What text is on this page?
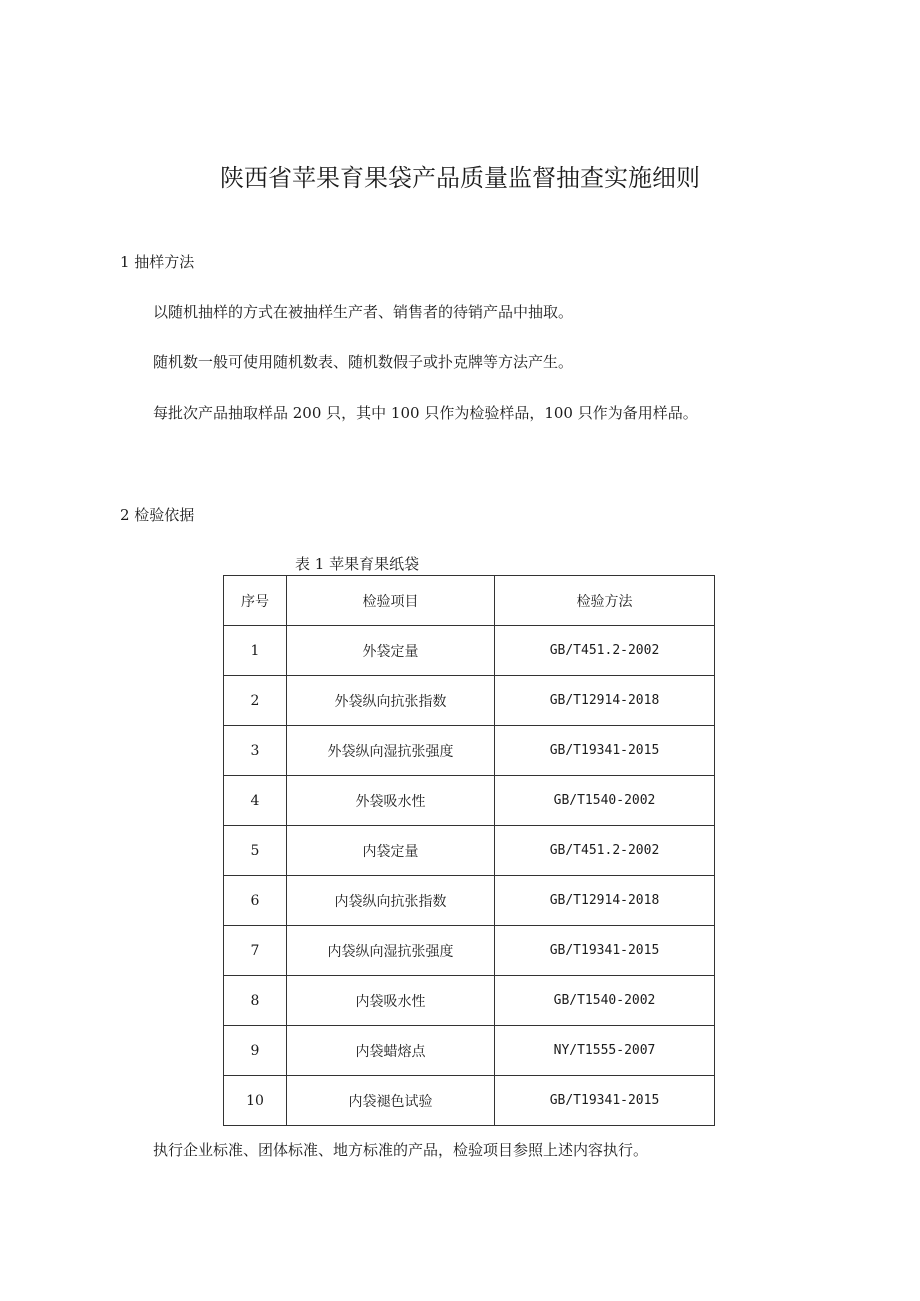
陕西省苹果育果袋产品质量监督抽查实施细则
1 抽样方法
以随机抽样的方式在被抽样生产者、销售者的待销产品中抽取。
随机数一般可使用随机数表、随机数假子或扑克牌等方法产生。
每批次产品抽取样品 200 只，其中 100 只作为检验样品，100 只作为备用样品。
2 检验依据
表 1 苹果育果纸袋
序号	检验项目	检验方法
1	外袋定量	GB/T451.2-2002
2	外袋纵向抗张指数	GB/T12914-2018
3	外袋纵向湿抗张强度	GB/T19341-2015
4	外袋吸水性	GB/T1540-2002
5	内袋定量	GB/T451.2-2002
6	内袋纵向抗张指数	GB/T12914-2018
7	内袋纵向湿抗张强度	GB/T19341-2015
8	内袋吸水性	GB/T1540-2002
9	内袋蜡熔点	NY/T1555-2007
10	内袋褪色试验	GB/T19341-2015
执行企业标准、团体标准、地方标准的产品，检验项目参照上述内容执行。
